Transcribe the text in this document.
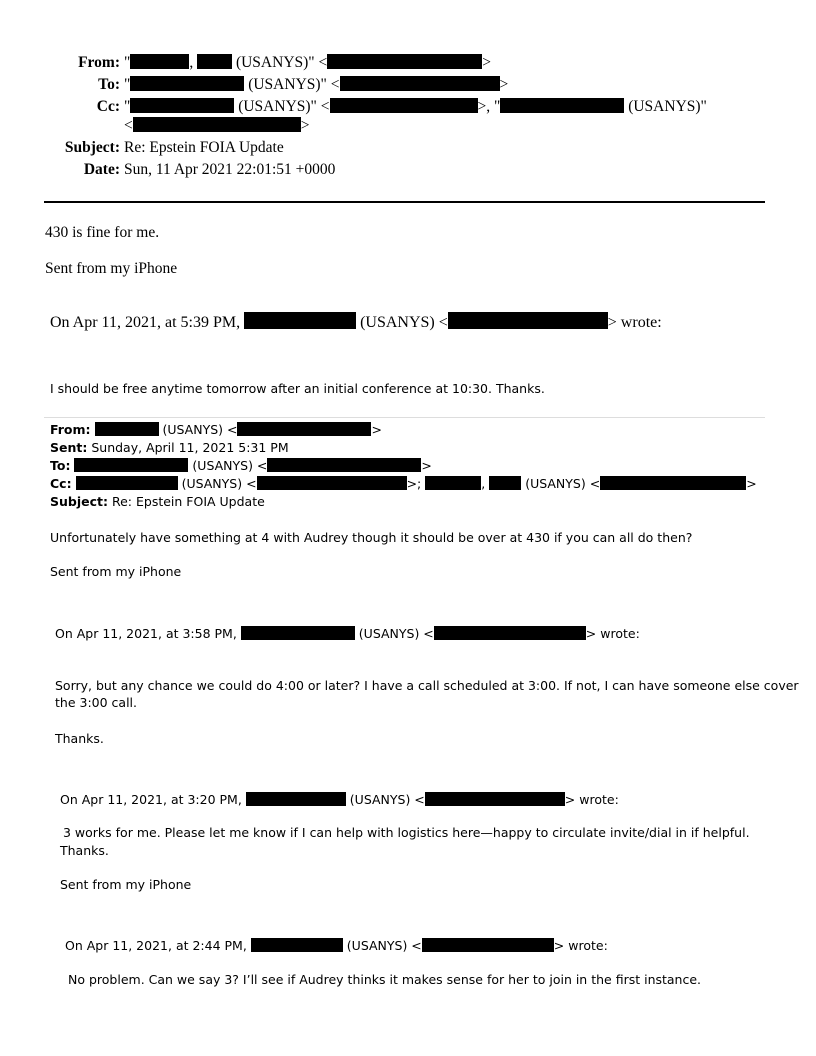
From: "	,	(USANYS)" <	>
To: "	(USANYS)" <	>
Cc: "	(USANYS)" <	>, "	(USANYS)"
<	>
Subject: Re: Epstein FOIA Update
Date: Sun, 11 Apr 2021 22:01:51 +0000
430 is fine for me.
Sent from my iPhone
On Apr 11, 2021, at 5:39 PM,	(USANYS) <	> wrote:
I should be free anytime tomorrow after an initial conference at 10:30. Thanks.
From:	(USANYS) <	>
Sent: Sunday, April 11, 2021 5:31 PM
To:	(USANYS) <	>
Cc:	(USANYS) <	>;	,	(USANYS) <	>
Subject: Re: Epstein FOIA Update
Unfortunately have something at 4 with Audrey though it should be over at 430 if you can all do then?
Sent from my iPhone
On Apr 11, 2021, at 3:58 PM,	(USANYS) <	> wrote:
Sorry, but any chance we could do 4:00 or later? I have a call scheduled at 3:00. If not, I can have someone else cover
the 3:00 call.
Thanks.
On Apr 11, 2021, at 3:20 PM,	(USANYS) <	> wrote:
3 works for me. Please let me know if I can help with logistics here—happy to circulate invite/dial in if helpful.
Thanks.
Sent from my iPhone
On Apr 11, 2021, at 2:44 PM,	(USANYS) <	> wrote:
No problem. Can we say 3? I’ll see if Audrey thinks it makes sense for her to join in the first instance.
